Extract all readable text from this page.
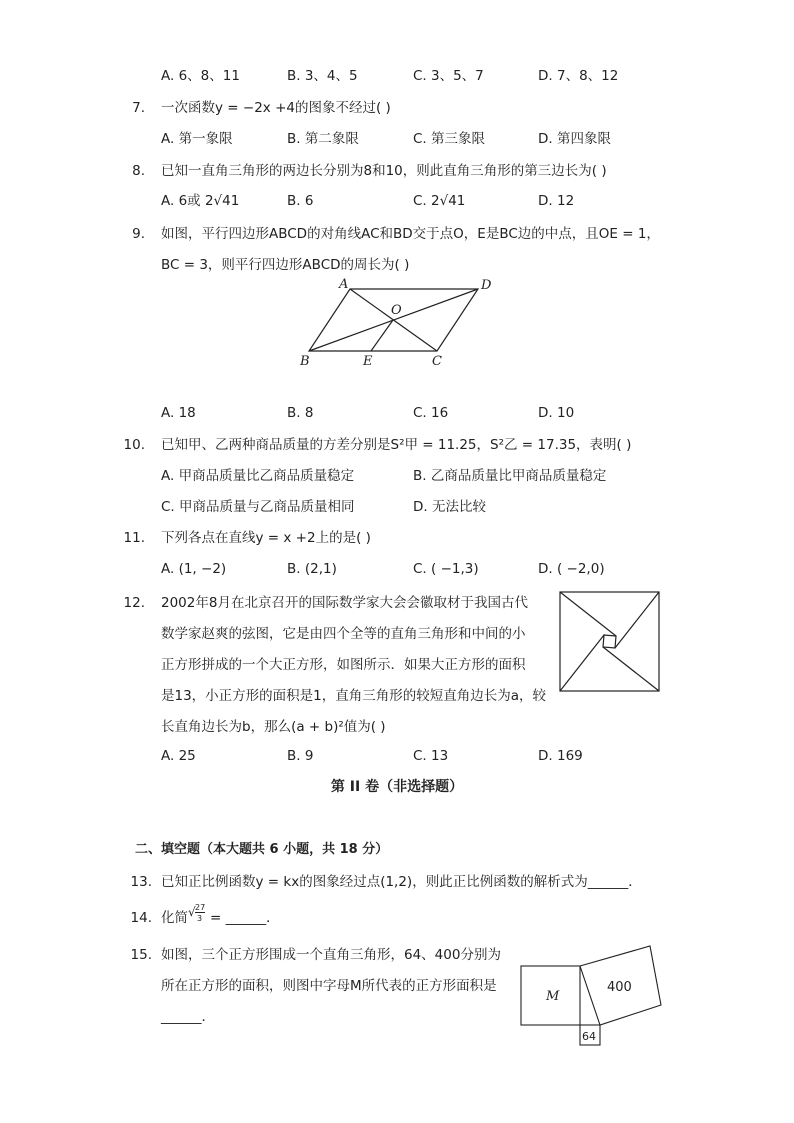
A. 6、8、11	B. 3、4、5	C. 3、5、7	D. 7、8、12
7. 一次函数y = −2x +4的图象不经过( )
A. 第一象限	B. 第二象限	C. 第三象限	D. 第四象限
8. 已知一直角三角形的两边长分别为8和10，则此直角三角形的第三边长为( )
A. 6或 2√41	B. 6	C. 2√41	D. 12
9. 如图，平行四边形ABCD的对角线AC和BD交于点O，E是BC边的中点，且OE = 1，
BC = 3，则平行四边形ABCD的周长为( )
A	D
O
B	E	C
A. 18	B. 8	C. 16	D. 10
10. 已知甲、乙两种商品质量的方差分别是S²甲 = 11.25，S²乙 = 17.35，表明( )
A. 甲商品质量比乙商品质量稳定	B. 乙商品质量比甲商品质量稳定
C. 甲商品质量与乙商品质量相同	D. 无法比较
11. 下列各点在直线y = x +2上的是( )
A. (1, −2)	B. (2,1)	C. ( −1,3)	D. ( −2,0)
12. 2002年8月在北京召开的国际数学家大会会徽取材于我国古代
数学家赵爽的弦图，它是由四个全等的直角三角形和中间的小
正方形拼成的一个大正方形，如图所示．如果大正方形的面积
是13，小正方形的面积是1，直角三角形的较短直角边长为a，较
长直角边长为b，那么(a + b)²值为( )
A. 25	B. 9	C. 13	D. 169
第 II 卷（非选择题）
二、填空题（本大题共 6 小题，共 18 分）
13. 已知正比例函数y = kx的图象经过点(1,2)，则此正比例函数的解析式为______．
14. 化简 √ 27
3 = ______．
15. 如图，三个正方形围成一个直角三角形，64、400分别为
所在正方形的面积，则图中字母M所代表的正方形面积是
______．
M
400
64
